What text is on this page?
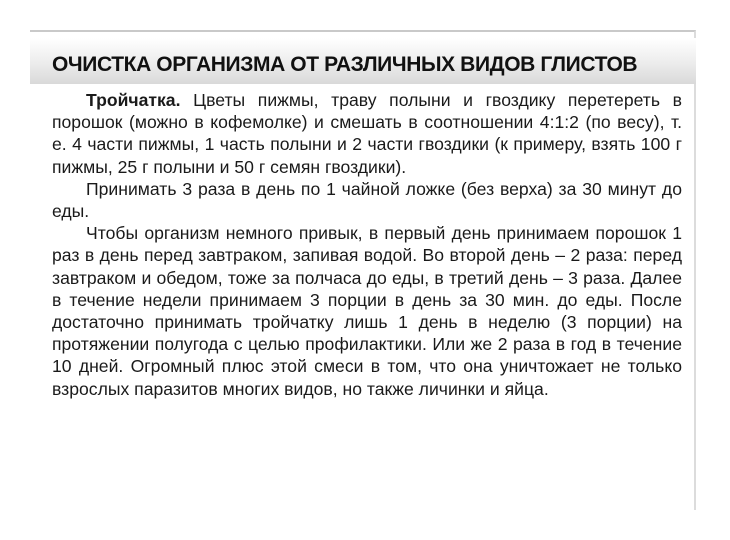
ОЧИСТКА ОРГАНИЗМА ОТ РАЗЛИЧНЫХ ВИДОВ ГЛИСТОВ

Тройчатка. Цветы пижмы, траву полыни и гвоздику перетереть в порошок (можно в кофемолке) и смешать в соотношении 4:1:2 (по весу), т. е. 4 части пижмы, 1 часть полыни и 2 части гвоздики (к примеру, взять 100 г пижмы, 25 г полыни и 50 г семян гвоздики).

Принимать 3 раза в день по 1 чайной ложке (без верха) за 30 минут до еды.

Чтобы организм немного привык, в первый день принимаем порошок 1 раз в день перед завтраком, запивая водой. Во второй день – 2 раза: перед завтраком и обедом, тоже за полчаса до еды, в третий день – 3 раза. Далее в течение недели принимаем 3 порции в день за 30 мин. до еды. После достаточно принимать тройчатку лишь 1 день в неделю (3 порции) на протяжении полугода с целью профилактики. Или же 2 раза в год в течение 10 дней. Огромный плюс этой смеси в том, что она уничтожает не только взрослых паразитов многих видов, но также личинки и яйца.
